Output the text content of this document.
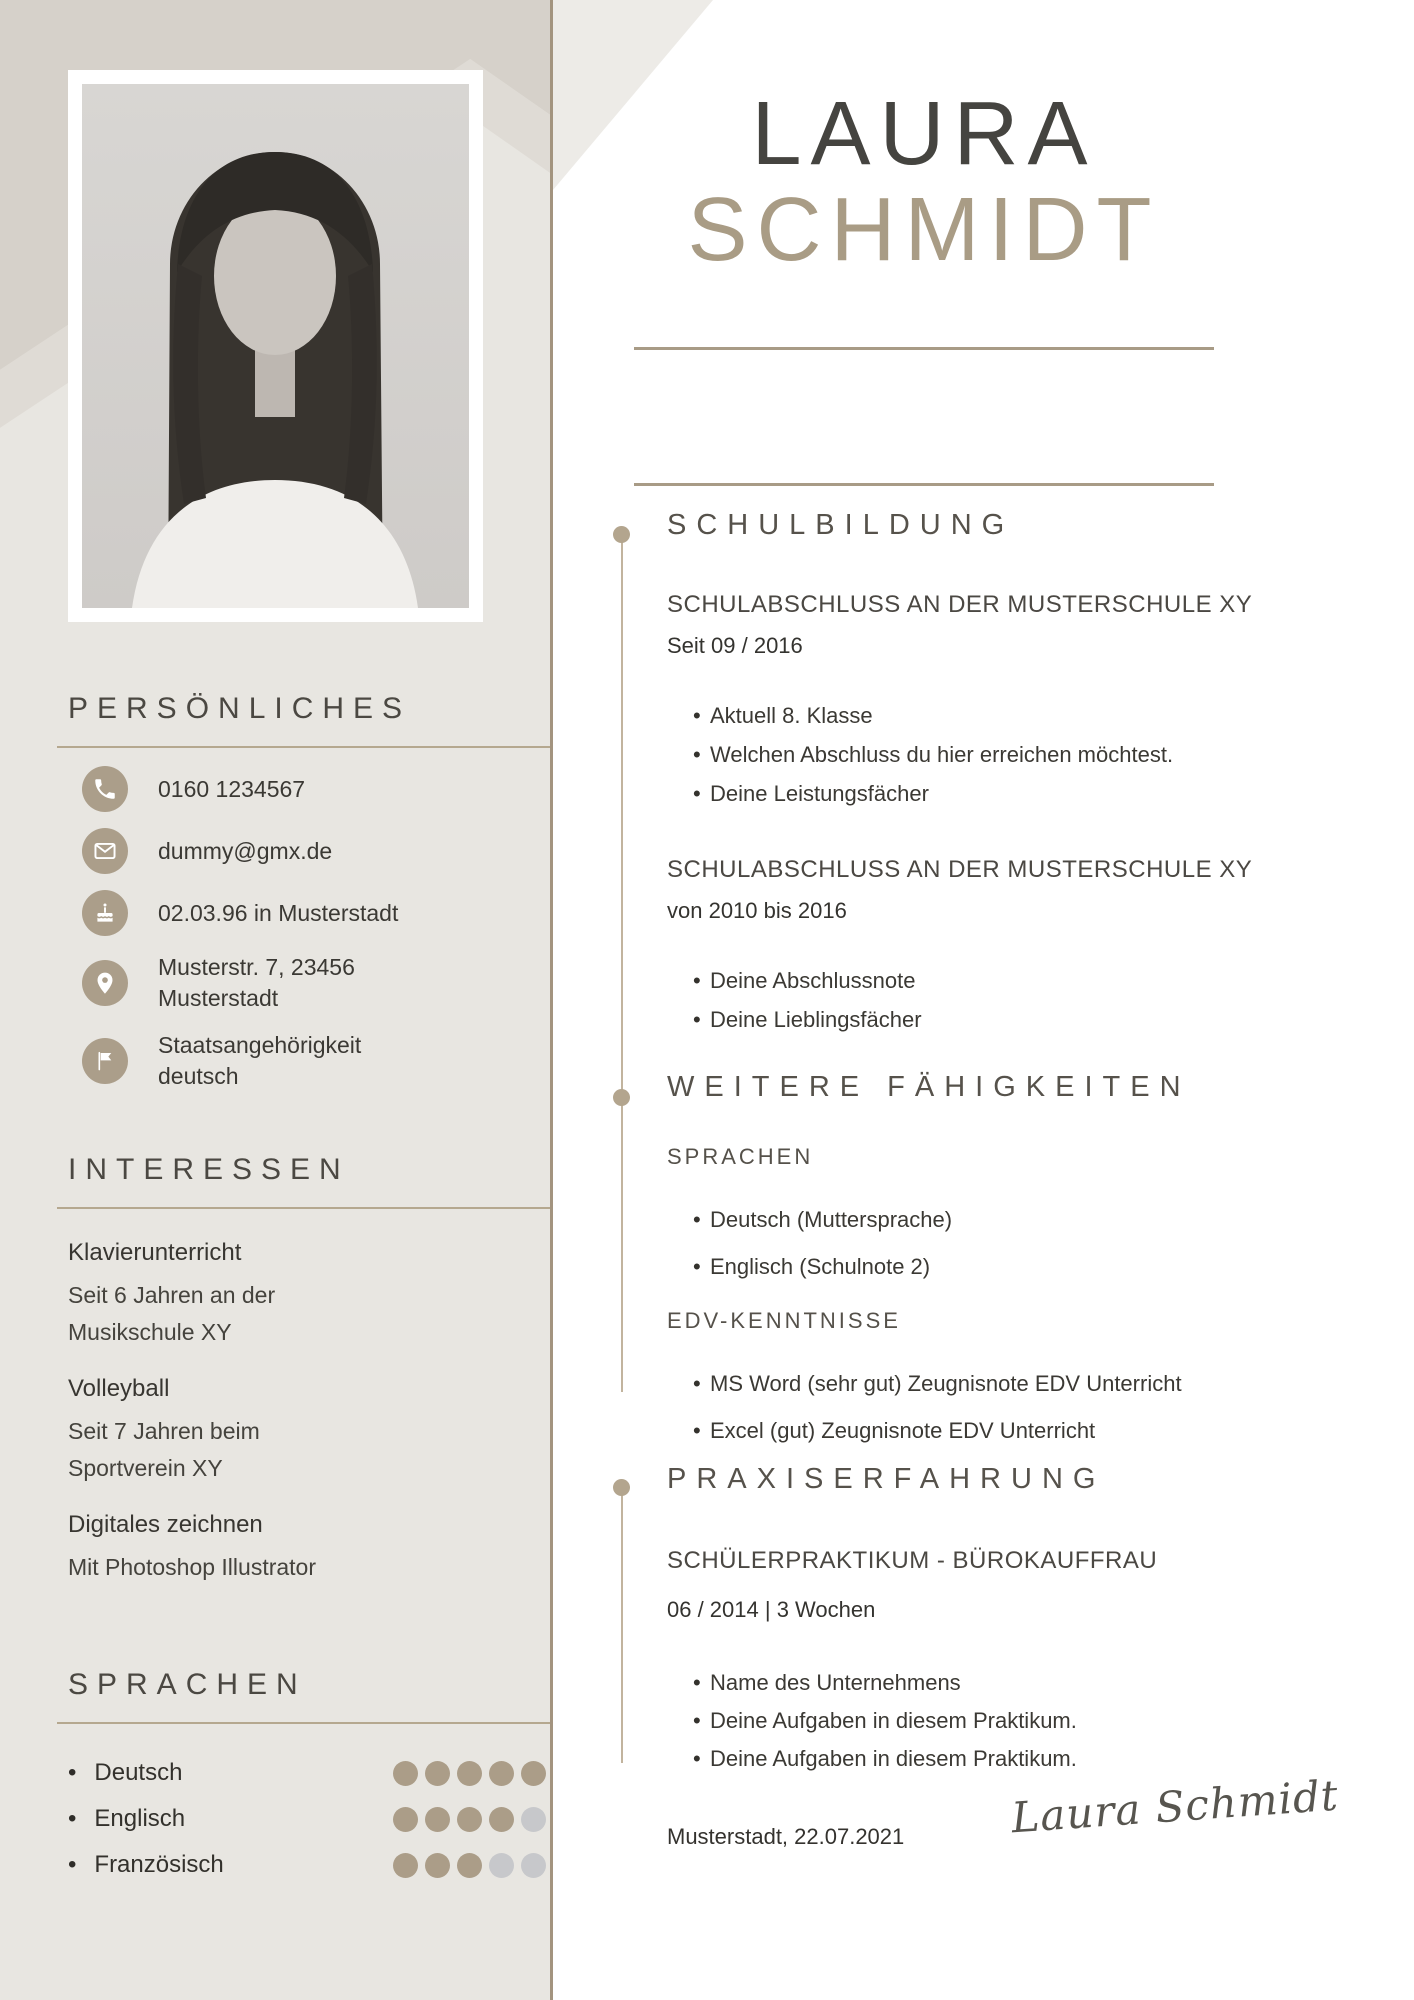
PERSÖNLICHES
0160 1234567
dummy@gmx.de
02.03.96 in Musterstadt
Musterstr. 7, 23456
Musterstadt
Staatsangehörigkeit
deutsch
INTERESSEN

Klavierunterricht

Seit 6 Jahren an der
Musikschule XY

Volleyball

Seit 7 Jahren beim
Sportverein XY

Digitales zeichnen

Mit Photoshop Illustrator

SPRACHEN
• Deutsch
• Englisch
• Französisch
LAURA
SCHMIDT
SCHULBILDUNG
SCHULABSCHLUSS AN DER MUSTERSCHULE XY

Seit 09 / 2016

• Aktuell 8. Klasse
• Welchen Abschluss du hier erreichen möchtest.
• Deine Leistungsfächer
SCHULABSCHLUSS AN DER MUSTERSCHULE XY

von 2010 bis 2016

• Deine Abschlussnote
• Deine Lieblingsfächer
WEITERE FÄHIGKEITEN
SPRACHEN
• Deutsch (Muttersprache)
• Englisch (Schulnote 2)
EDV-KENNTNISSE
• MS Word (sehr gut) Zeugnisnote EDV Unterricht
• Excel (gut) Zeugnisnote EDV Unterricht
PRAXISERFAHRUNG
SCHÜLERPRAKTIKUM - BÜROKAUFFRAU

06 / 2014 | 3 Wochen

• Name des Unternehmens
• Deine Aufgaben in diesem Praktikum.
• Deine Aufgaben in diesem Praktikum.
Musterstadt, 22.07.2021	Laura Schmidt
